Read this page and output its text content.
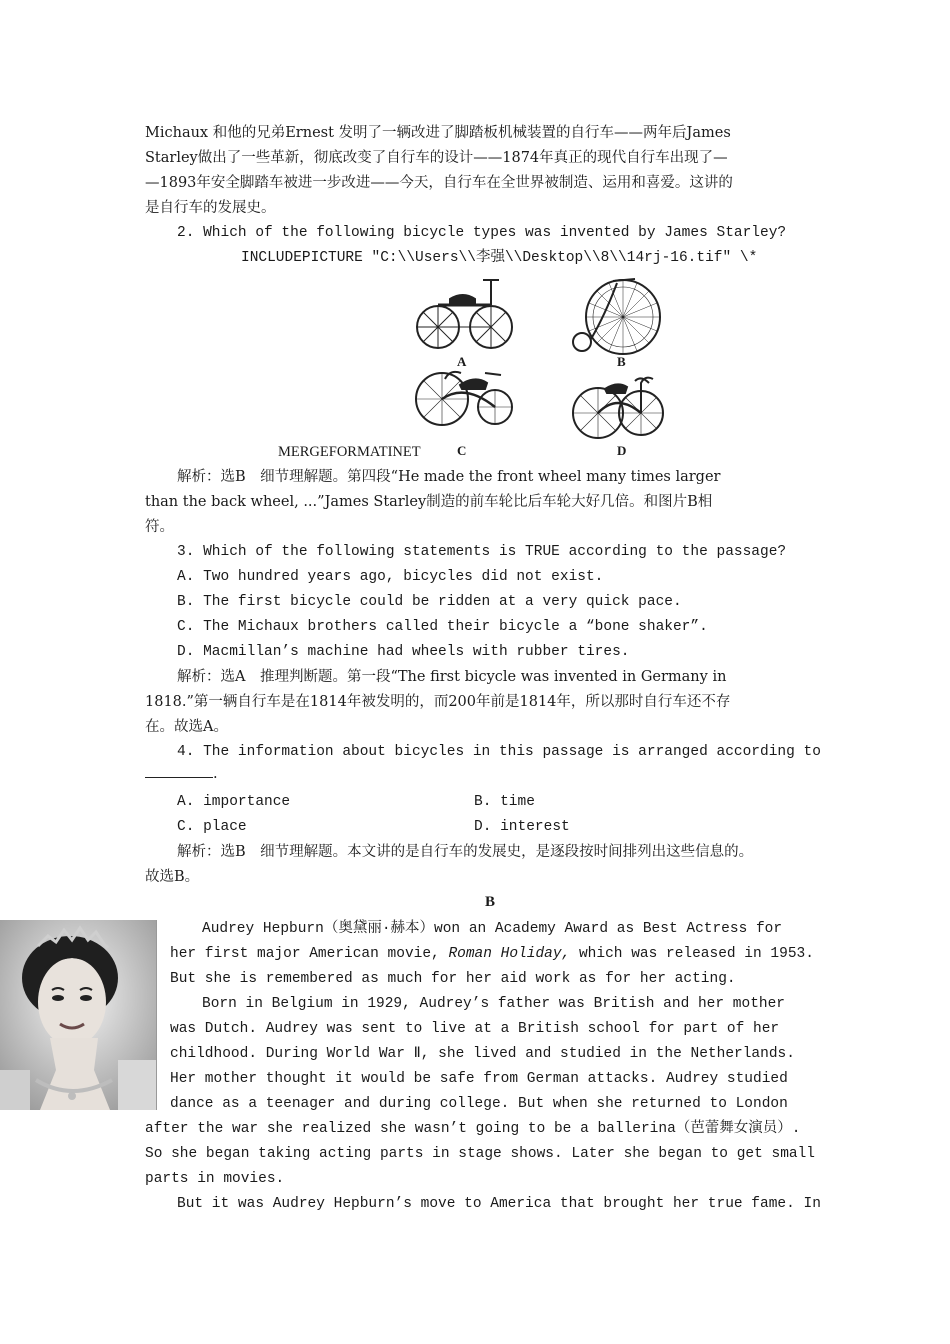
Michaux 和他的兄弟Ernest 发明了一辆改进了脚踏板机械装置的自行车——两年后James
Starley做出了一些革新，彻底改变了自行车的设计——1874年真正的现代自行车出现了—
—1893年安全脚踏车被进一步改进——今天，自行车在全世界被制造、运用和喜爱。这讲的
是自行车的发展史。
2. Which of the following bicycle types was invented by James Starley?
INCLUDEPICTURE "C:\\Users\\李强\\Desktop\\8\\14rj-16.tif" \*
A	B
C	D
MERGEFORMATINET
解析：选B　细节理解题。第四段“He made the front wheel many times larger
than the back wheel, ...”James Starley制造的前车轮比后车轮大好几倍。和图片B相
符。
3. Which of the following statements is TRUE according to the passage?
A. Two hundred years ago, bicycles did not exist.
B. The first bicycle could be ridden at a very quick pace.
C. The Michaux brothers called their bicycle a “bone shaker”.
D. Macmillan’s machine had wheels with rubber tires.
解析：选A　推理判断题。第一段“The first bicycle was invented in Germany in
1818.”第一辆自行车是在1814年被发明的，而200年前是1814年，所以那时自行车还不存
在。故选A。
4. The information about bicycles in this passage is arranged according to
.
A. importance	B. time
C. place	D. interest
解析：选B　细节理解题。本文讲的是自行车的发展史，是逐段按时间排列出这些信息的。
故选B。
B
Audrey Hepburn（奥黛丽·赫本）won an Academy Award as Best Actress for
her first major American movie, Roman Holiday, which was released in 1953.
But she is remembered as much for her aid work as for her acting.
Born in Belgium in 1929, Audrey’s father was British and her mother
was Dutch. Audrey was sent to live at a British school for part of her
childhood. During World War Ⅱ, she lived and studied in the Netherlands.
Her mother thought it would be safe from German attacks. Audrey studied
dance as a teenager and during college. But when she returned to London
after the war she realized she wasn’t going to be a ballerina（芭蕾舞女演员）.
So she began taking acting parts in stage shows. Later she began to get small
parts in movies.
But it was Audrey Hepburn’s move to America that brought her true fame. In
